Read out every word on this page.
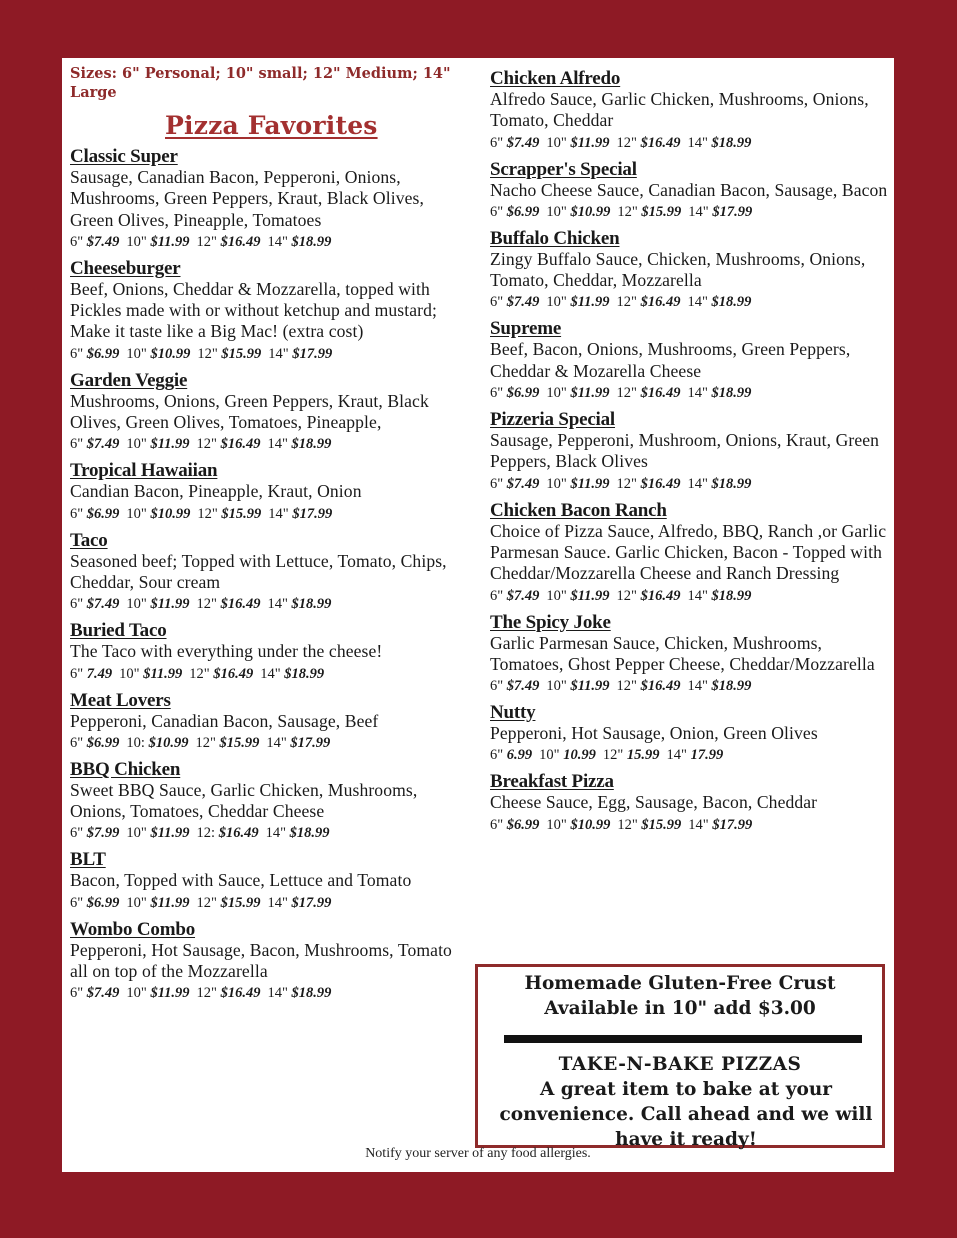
Sizes: 6" Personal; 10" small; 12" Medium; 14" Large
Pizza Favorites
Classic Super
Sausage, Canadian Bacon, Pepperoni, Onions, Mushrooms, Green Peppers, Kraut, Black Olives, Green Olives, Pineapple, Tomatoes
6" $7.49 10" $11.99 12" $16.49 14" $18.99
Cheeseburger
Beef, Onions, Cheddar & Mozzarella, topped with Pickles made with or without ketchup and mustard; Make it taste like a Big Mac! (extra cost)
6" $6.99 10" $10.99 12" $15.99 14" $17.99
Garden Veggie
Mushrooms, Onions, Green Peppers, Kraut, Black Olives, Green Olives, Tomatoes, Pineapple,
6" $7.49 10" $11.99 12" $16.49 14" $18.99
Tropical Hawaiian
Candian Bacon, Pineapple, Kraut, Onion
6" $6.99 10" $10.99 12" $15.99 14" $17.99
Taco
Seasoned beef; Topped with Lettuce, Tomato, Chips, Cheddar, Sour cream
6" $7.49 10" $11.99 12" $16.49 14" $18.99
Buried Taco
The Taco with everything under the cheese!
6" 7.49 10" $11.99 12" $16.49 14" $18.99
Meat Lovers
Pepperoni, Canadian Bacon, Sausage, Beef
6" $6.99 10: $10.99 12" $15.99 14" $17.99
BBQ Chicken
Sweet BBQ Sauce, Garlic Chicken, Mushrooms, Onions, Tomatoes, Cheddar Cheese
6" $7.99 10" $11.99 12: $16.49 14" $18.99
BLT
Bacon, Topped with Sauce, Lettuce and Tomato
6" $6.99 10" $11.99 12" $15.99 14" $17.99
Wombo Combo
Pepperoni, Hot Sausage, Bacon, Mushrooms, Tomato all on top of the Mozzarella
6" $7.49 10" $11.99 12" $16.49 14" $18.99
Chicken Alfredo
Alfredo Sauce, Garlic Chicken, Mushrooms, Onions, Tomato, Cheddar
6" $7.49 10" $11.99 12" $16.49 14" $18.99
Scrapper's Special
Nacho Cheese Sauce, Canadian Bacon, Sausage, Bacon
6" $6.99 10" $10.99 12" $15.99 14" $17.99
Buffalo Chicken
Zingy Buffalo Sauce, Chicken, Mushrooms, Onions, Tomato, Cheddar, Mozzarella
6" $7.49 10" $11.99 12" $16.49 14" $18.99
Supreme
Beef, Bacon, Onions, Mushrooms, Green Peppers, Cheddar & Mozarella Cheese
6" $6.99 10" $11.99 12" $16.49 14" $18.99
Pizzeria Special
Sausage, Pepperoni, Mushroom, Onions, Kraut, Green Peppers, Black Olives
6" $7.49 10" $11.99 12" $16.49 14" $18.99
Chicken Bacon Ranch
Choice of Pizza Sauce, Alfredo, BBQ, Ranch ,or Garlic Parmesan Sauce. Garlic Chicken, Bacon - Topped with Cheddar/Mozzarella Cheese and Ranch Dressing
6" $7.49 10" $11.99 12" $16.49 14" $18.99
The Spicy Joke
Garlic Parmesan Sauce, Chicken, Mushrooms, Tomatoes, Ghost Pepper Cheese, Cheddar/Mozzarella
6" $7.49 10" $11.99 12" $16.49 14" $18.99
Nutty
Pepperoni, Hot Sausage, Onion, Green Olives
6" 6.99 10" 10.99 12" 15.99 14" 17.99
Breakfast Pizza
Cheese Sauce, Egg, Sausage, Bacon, Cheddar
6" $6.99 10" $10.99 12" $15.99 14" $17.99
Homemade Gluten-Free Crust
Available in 10" add $3.00
TAKE-N-BAKE PIZZAS
A great item to bake at your convenience. Call ahead and we will have it ready!
Notify your server of any food allergies.
